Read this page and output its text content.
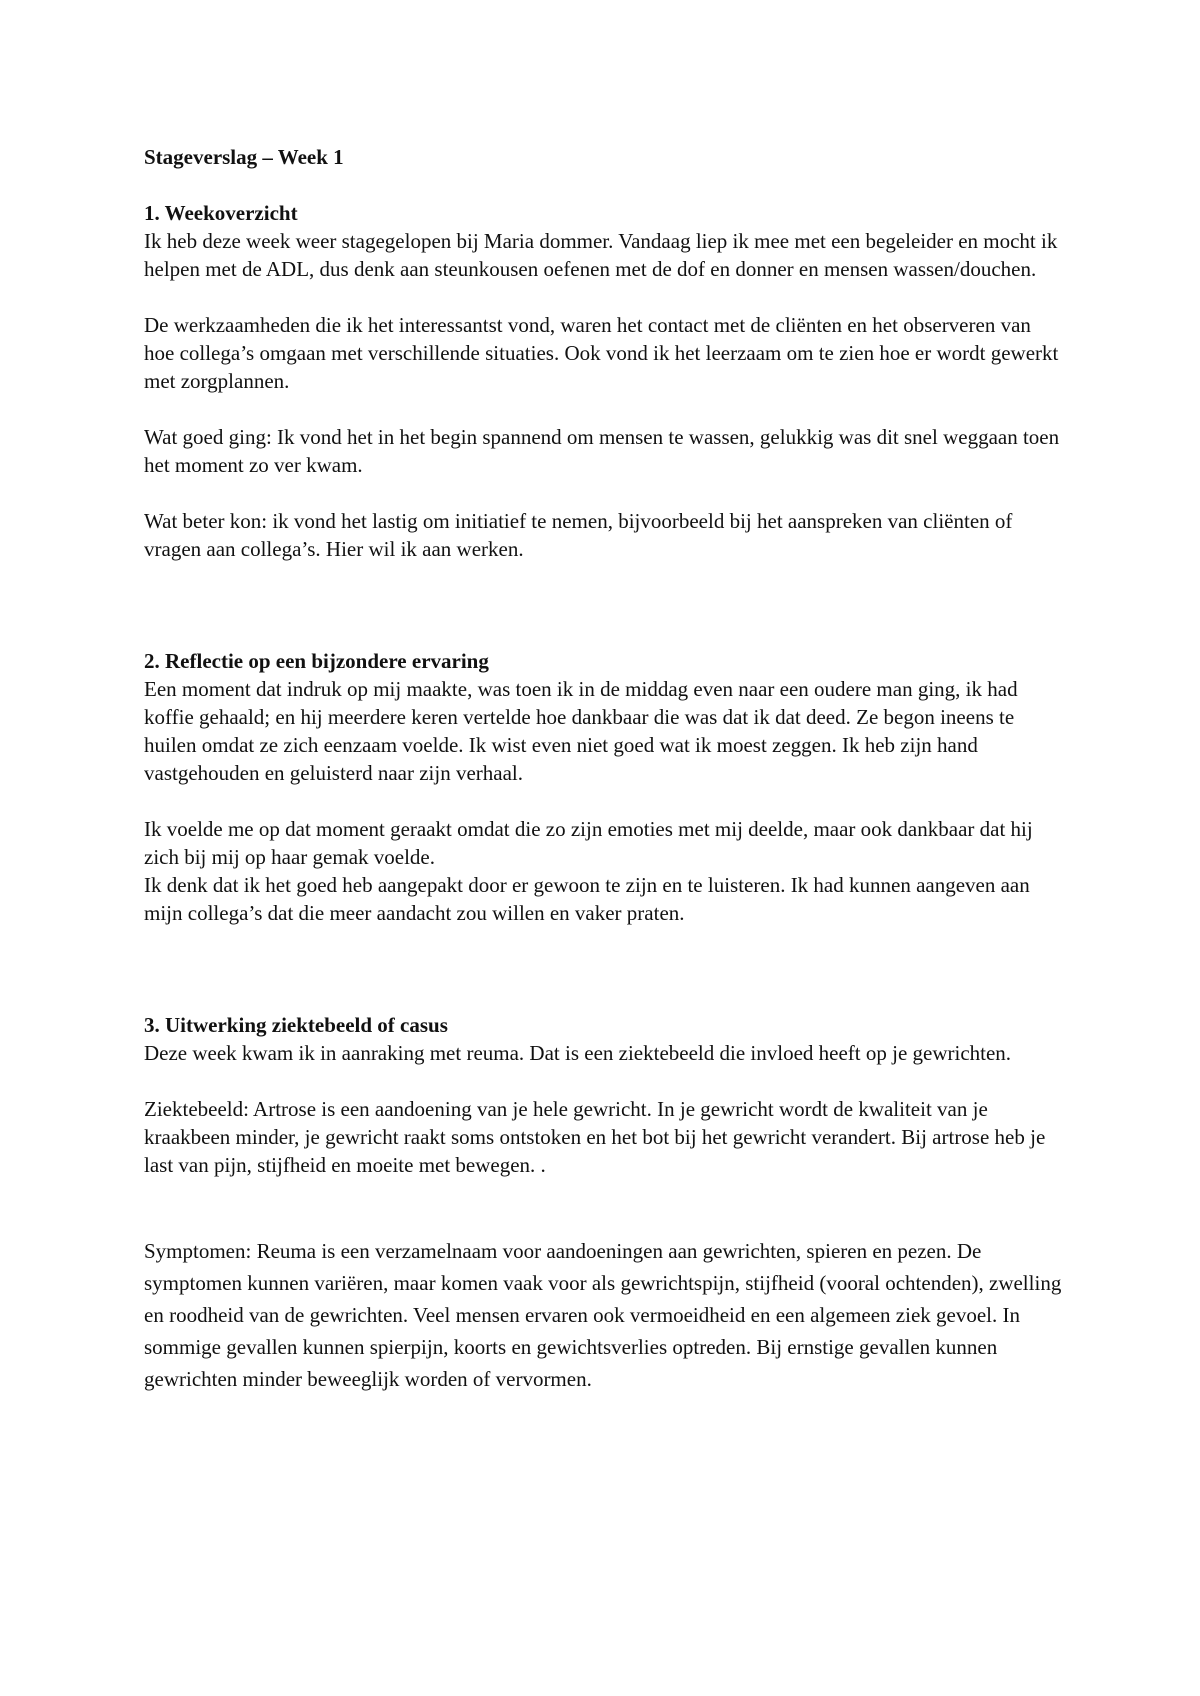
Stageverslag – Week 1
1. Weekoverzicht

Ik heb deze week weer stagegelopen bij Maria dommer. Vandaag liep ik mee met een begeleider en mocht ik helpen met de ADL, dus denk aan steunkousen oefenen met de dof en donner en mensen wassen/douchen.

De werkzaamheden die ik het interessantst vond, waren het contact met de cliënten en het observeren van hoe collega’s omgaan met verschillende situaties. Ook vond ik het leerzaam om te zien hoe er wordt gewerkt met zorgplannen.

Wat goed ging: Ik vond het in het begin spannend om mensen te wassen, gelukkig was dit snel weggaan toen het moment zo ver kwam.

Wat beter kon: ik vond het lastig om initiatief te nemen, bijvoorbeeld bij het aanspreken van cliënten of vragen aan collega’s. Hier wil ik aan werken.

2. Reflectie op een bijzondere ervaring

Een moment dat indruk op mij maakte, was toen ik in de middag even naar een oudere man ging, ik had koffie gehaald; en hij meerdere keren vertelde hoe dankbaar die was dat ik dat deed. Ze begon ineens te huilen omdat ze zich eenzaam voelde. Ik wist even niet goed wat ik moest zeggen. Ik heb zijn hand vastgehouden en geluisterd naar zijn verhaal.

Ik voelde me op dat moment geraakt omdat die zo zijn emoties met mij deelde, maar ook dankbaar dat hij zich bij mij op haar gemak voelde.

Ik denk dat ik het goed heb aangepakt door er gewoon te zijn en te luisteren. Ik had kunnen aangeven aan mijn collega’s dat die meer aandacht zou willen en vaker praten.

3. Uitwerking ziektebeeld of casus

Deze week kwam ik in aanraking met reuma. Dat is een ziektebeeld die invloed heeft op je gewrichten.

Ziektebeeld: Artrose is een aandoening van je hele gewricht. In je gewricht wordt de kwaliteit van je kraakbeen minder, je gewricht raakt soms ontstoken en het bot bij het gewricht verandert. Bij artrose heb je last van pijn, stijfheid en moeite met bewegen. .

Symptomen: Reuma is een verzamelnaam voor aandoeningen aan gewrichten, spieren en pezen. De symptomen kunnen variëren, maar komen vaak voor als gewrichtspijn, stijfheid (vooral ochtenden), zwelling en roodheid van de gewrichten. Veel mensen ervaren ook vermoeidheid en een algemeen ziek gevoel. In sommige gevallen kunnen spierpijn, koorts en gewichtsverlies optreden. Bij ernstige gevallen kunnen gewrichten minder beweeglijk worden of vervormen.
